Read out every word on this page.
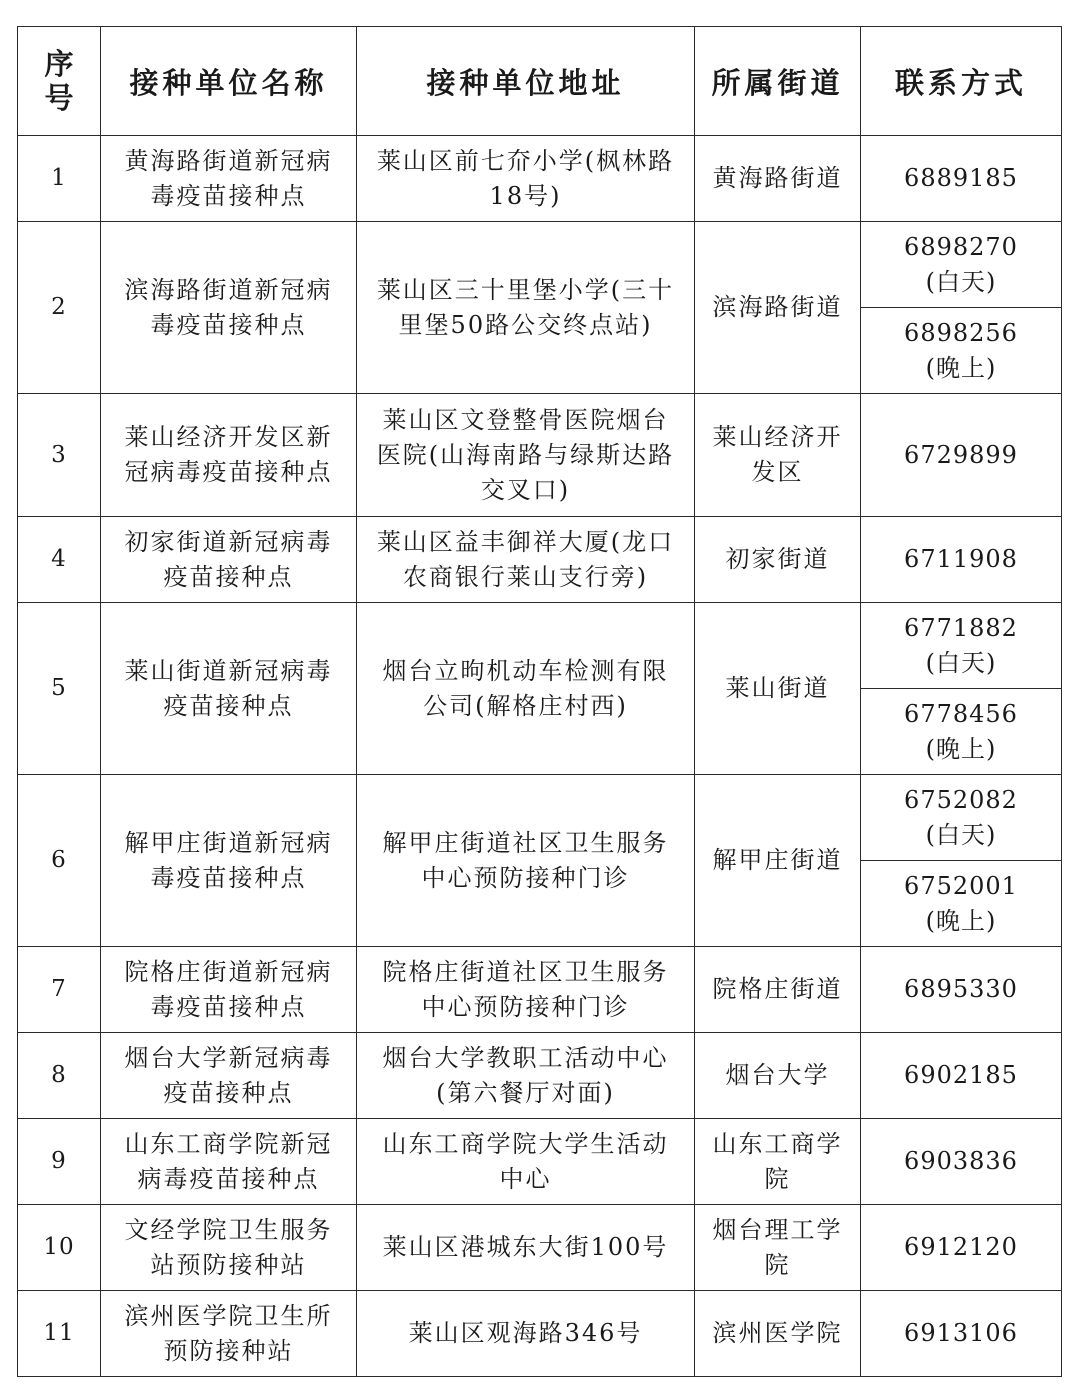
序
号	接种单位名称	接种单位地址	所属街道	联系方式
1	黄海路街道新冠病毒疫苗接种点	莱山区前七夼小学(枫林路18号)	黄海路街道	6889185

2	滨海路街道新冠病毒疫苗接种点	莱山区三十里堡小学(三十里堡50路公交终点站)	滨海路街道	6898270
(白天)

				6898256
(晚上)

3	莱山经济开发区新冠病毒疫苗接种点	莱山区文登整骨医院烟台医院(山海南路与绿斯达路交叉口)	莱山经济开发区	6729899

4	初家街道新冠病毒疫苗接种点	莱山区益丰御祥大厦(龙口农商银行莱山支行旁)	初家街道	6711908

5	莱山街道新冠病毒疫苗接种点	烟台立昫机动车检测有限公司(解格庄村西)	莱山街道	6771882
(白天)

				6778456
(晚上)

6	解甲庄街道新冠病毒疫苗接种点	解甲庄街道社区卫生服务中心预防接种门诊	解甲庄街道	6752082
(白天)

				6752001
(晚上)

7	院格庄街道新冠病毒疫苗接种点	院格庄街道社区卫生服务中心预防接种门诊	院格庄街道	6895330

8	烟台大学新冠病毒疫苗接种点	烟台大学教职工活动中心(第六餐厅对面)	烟台大学	6902185

9	山东工商学院新冠病毒疫苗接种点	山东工商学院大学生活动中心	山东工商学院	6903836

10	文经学院卫生服务站预防接种站	莱山区港城东大街100号	烟台理工学院	6912120

11	滨州医学院卫生所预防接种站	莱山区观海路346号	滨州医学院	6913106
